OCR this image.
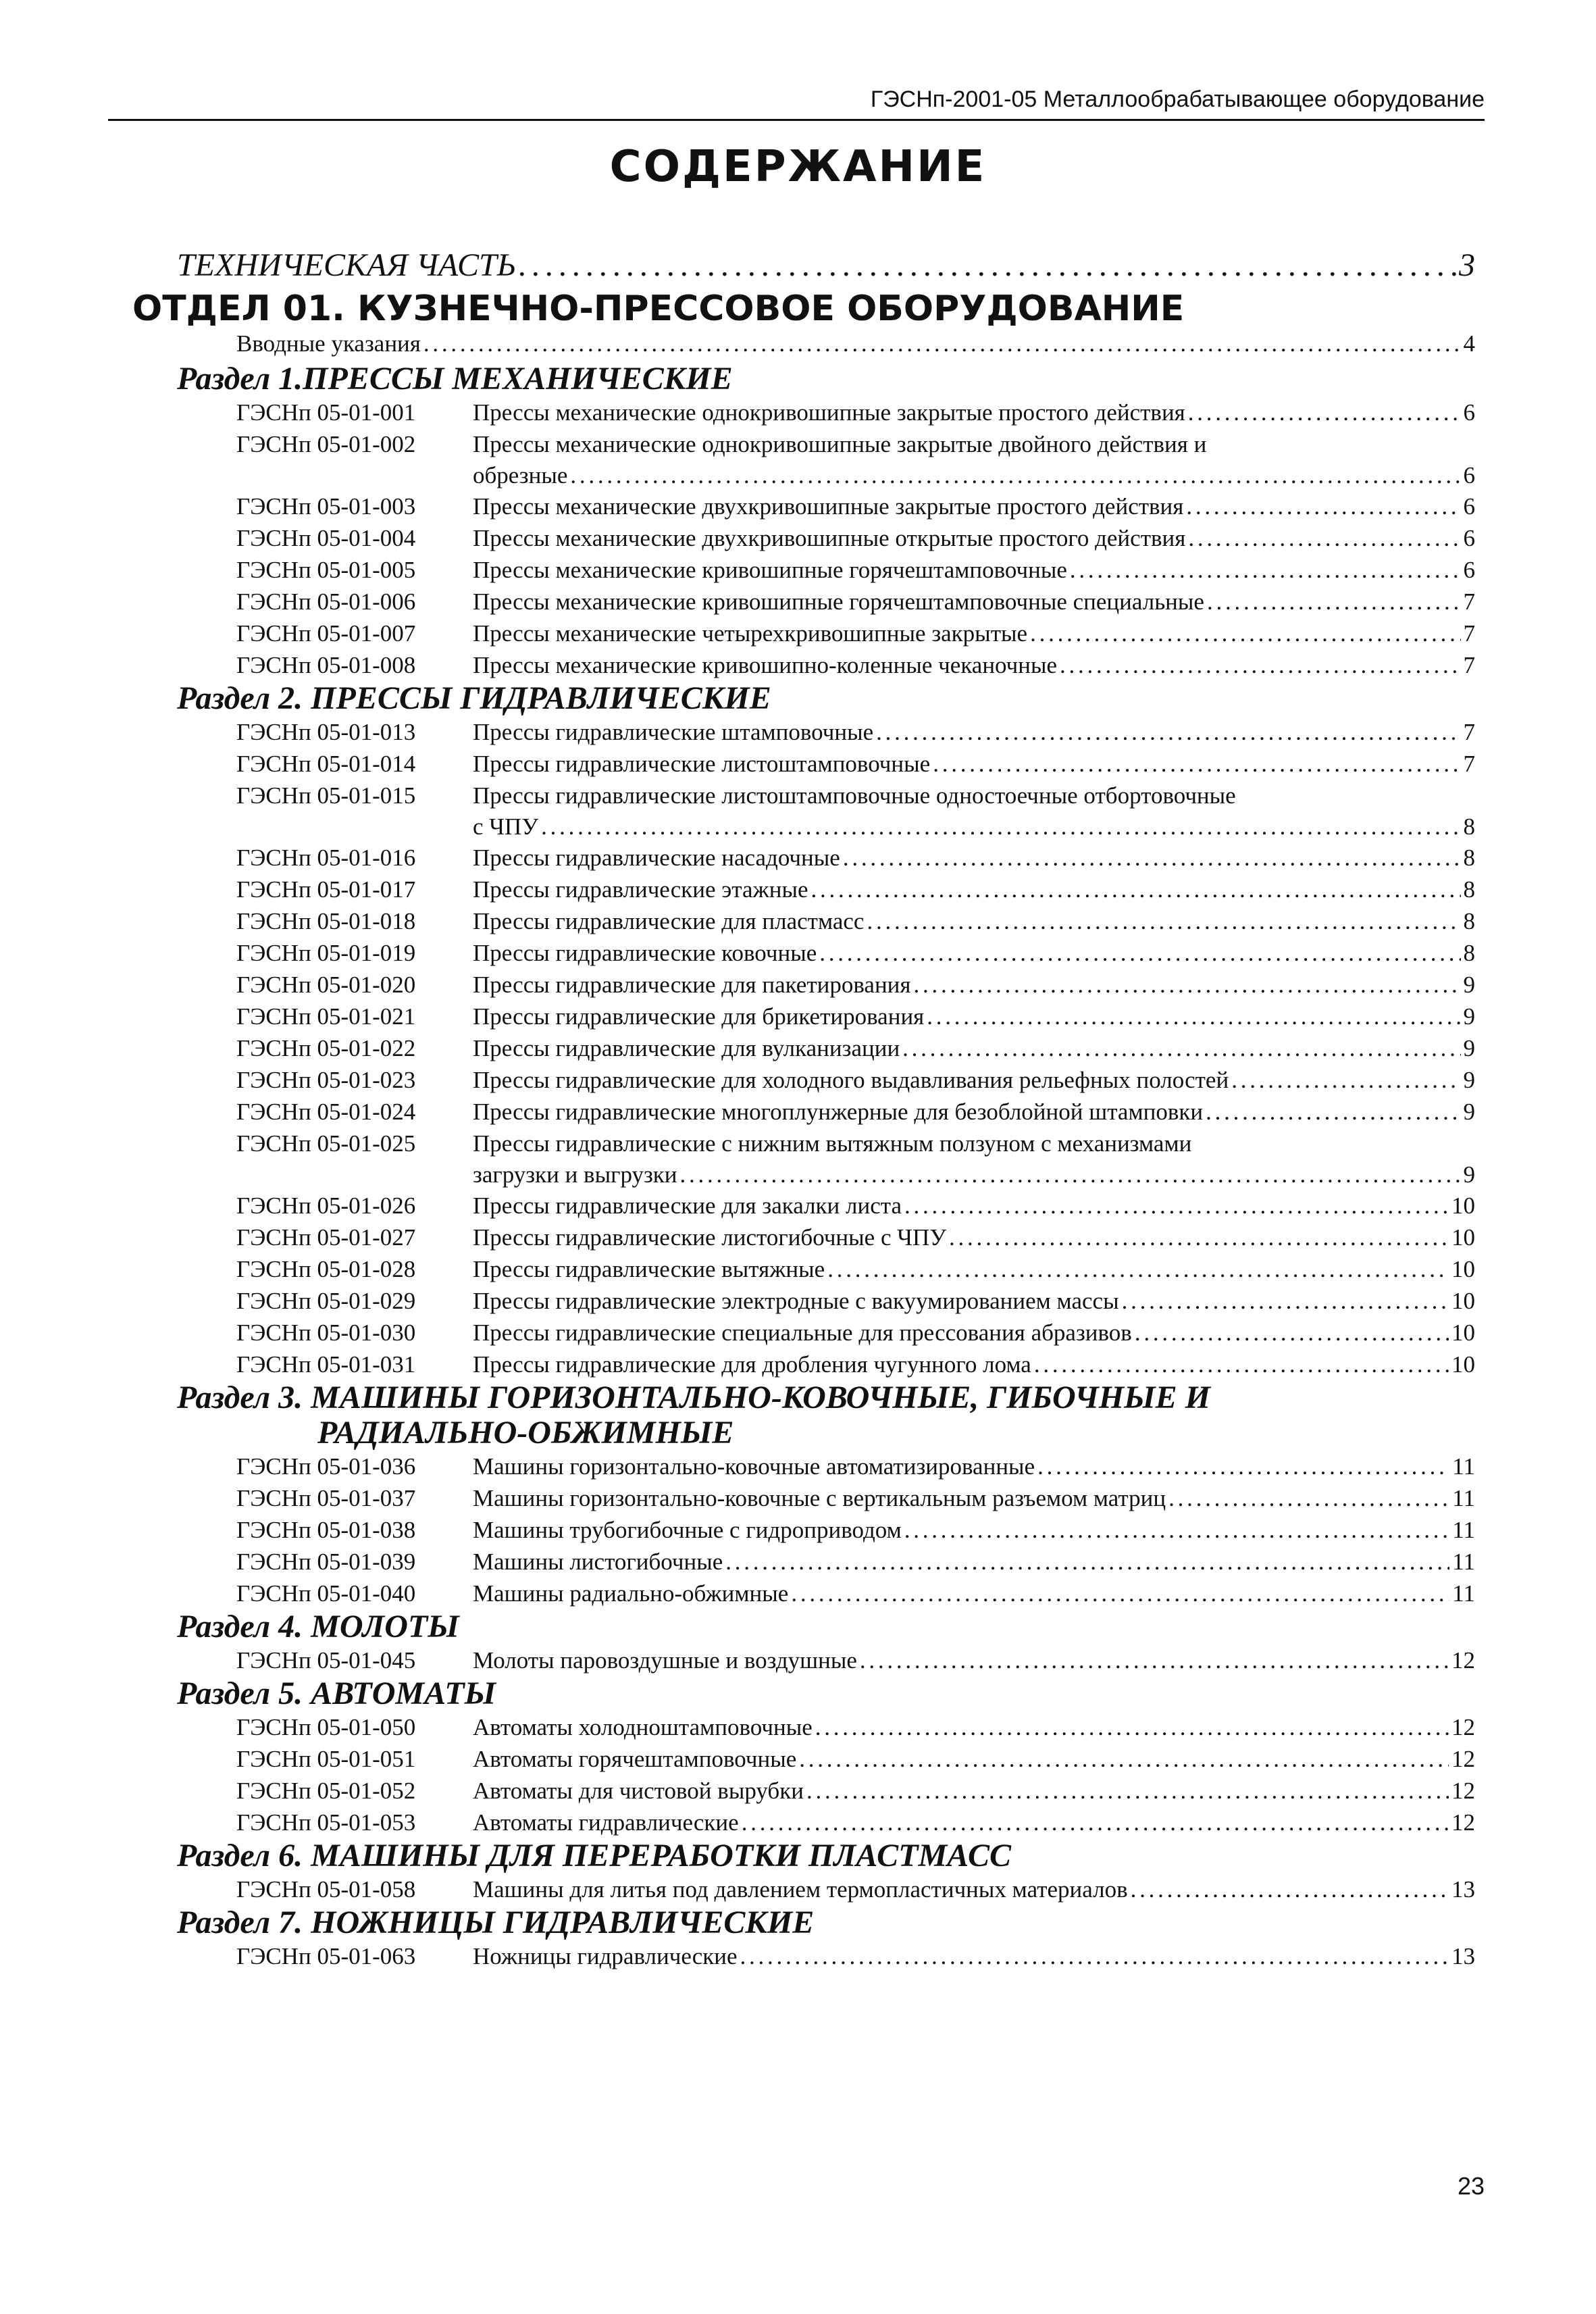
ГЭСНп-2001-05 Металлообрабатывающее оборудование
СОДЕРЖАНИЕ
ТЕХНИЧЕСКАЯ ЧАСТЬ . . .	3
ОТДЕЛ 01. КУЗНЕЧНО-ПРЕССОВОЕ ОБОРУДОВАНИЕ
Вводные указания . . .	4
Раздел 1.ПРЕССЫ МЕХАНИЧЕСКИЕ
ГЭСНп 05-01-001	Прессы механические однокривошипные закрытые простого действия . . .	6
ГЭСНп 05-01-002	Прессы механические однокривошипные закрытые двойного действия и
обрезные . . .	6
ГЭСНп 05-01-003	Прессы механические двухкривошипные закрытые простого действия . . .	6
ГЭСНп 05-01-004	Прессы механические двухкривошипные открытые простого действия . . .	6
ГЭСНп 05-01-005	Прессы механические кривошипные горячештамповочные . . .	6
ГЭСНп 05-01-006	Прессы механические кривошипные горячештамповочные специальные . . .	7
ГЭСНп 05-01-007	Прессы механические четырехкривошипные закрытые . . .	7
ГЭСНп 05-01-008	Прессы механические кривошипно-коленные чеканочные . . .	7
Раздел 2. ПРЕССЫ ГИДРАВЛИЧЕСКИЕ
ГЭСНп 05-01-013	Прессы гидравлические штамповочные . . .	7
ГЭСНп 05-01-014	Прессы гидравлические листоштамповочные . . .	7
ГЭСНп 05-01-015	Прессы гидравлические листоштамповочные одностоечные отбортовочные
с ЧПУ . . .	8
ГЭСНп 05-01-016	Прессы гидравлические насадочные . . .	8
ГЭСНп 05-01-017	Прессы гидравлические этажные . . .	8
ГЭСНп 05-01-018	Прессы гидравлические для пластмасс . . .	8
ГЭСНп 05-01-019	Прессы гидравлические ковочные . . .	8
ГЭСНп 05-01-020	Прессы гидравлические для пакетирования . . .	9
ГЭСНп 05-01-021	Прессы гидравлические для брикетирования . . .	9
ГЭСНп 05-01-022	Прессы гидравлические для вулканизации . . .	9
ГЭСНп 05-01-023	Прессы гидравлические для холодного выдавливания рельефных полостей . . .	9
ГЭСНп 05-01-024	Прессы гидравлические многоплунжерные для безоблойной штамповки . . .	9
ГЭСНп 05-01-025	Прессы гидравлические с нижним вытяжным ползуном с механизмами
загрузки и выгрузки . . .	9
ГЭСНп 05-01-026	Прессы гидравлические для закалки листа . . .	10
ГЭСНп 05-01-027	Прессы гидравлические листогибочные с ЧПУ . . .	10
ГЭСНп 05-01-028	Прессы гидравлические вытяжные . . .	10
ГЭСНп 05-01-029	Прессы гидравлические электродные с вакуумированием массы . . .	10
ГЭСНп 05-01-030	Прессы гидравлические специальные для прессования абразивов . . .	10
ГЭСНп 05-01-031	Прессы гидравлические для дробления чугунного лома . . .	10
Раздел 3. МАШИНЫ ГОРИЗОНТАЛЬНО-КОВОЧНЫЕ, ГИБОЧНЫЕ И
РАДИАЛЬНО-ОБЖИМНЫЕ
ГЭСНп 05-01-036	Машины горизонтально-ковочные автоматизированные . . .	11
ГЭСНп 05-01-037	Машины горизонтально-ковочные с вертикальным разъемом матриц . . .	11
ГЭСНп 05-01-038	Машины трубогибочные с гидроприводом . . .	11
ГЭСНп 05-01-039	Машины листогибочные . . .	11
ГЭСНп 05-01-040	Машины радиально-обжимные . . .	11
Раздел 4. МОЛОТЫ
ГЭСНп 05-01-045	Молоты паровоздушные и воздушные . . .	12
Раздел 5. АВТОМАТЫ
ГЭСНп 05-01-050	Автоматы холодноштамповочные . . .	12
ГЭСНп 05-01-051	Автоматы горячештамповочные . . .	12
ГЭСНп 05-01-052	Автоматы для чистовой вырубки . . .	12
ГЭСНп 05-01-053	Автоматы гидравлические . . .	12
Раздел 6. МАШИНЫ ДЛЯ ПЕРЕРАБОТКИ ПЛАСТМАСС
ГЭСНп 05-01-058	Машины для литья под давлением термопластичных материалов . . .	13
Раздел 7. НОЖНИЦЫ ГИДРАВЛИЧЕСКИЕ
ГЭСНп 05-01-063	Ножницы гидравлические . . .	13
23
